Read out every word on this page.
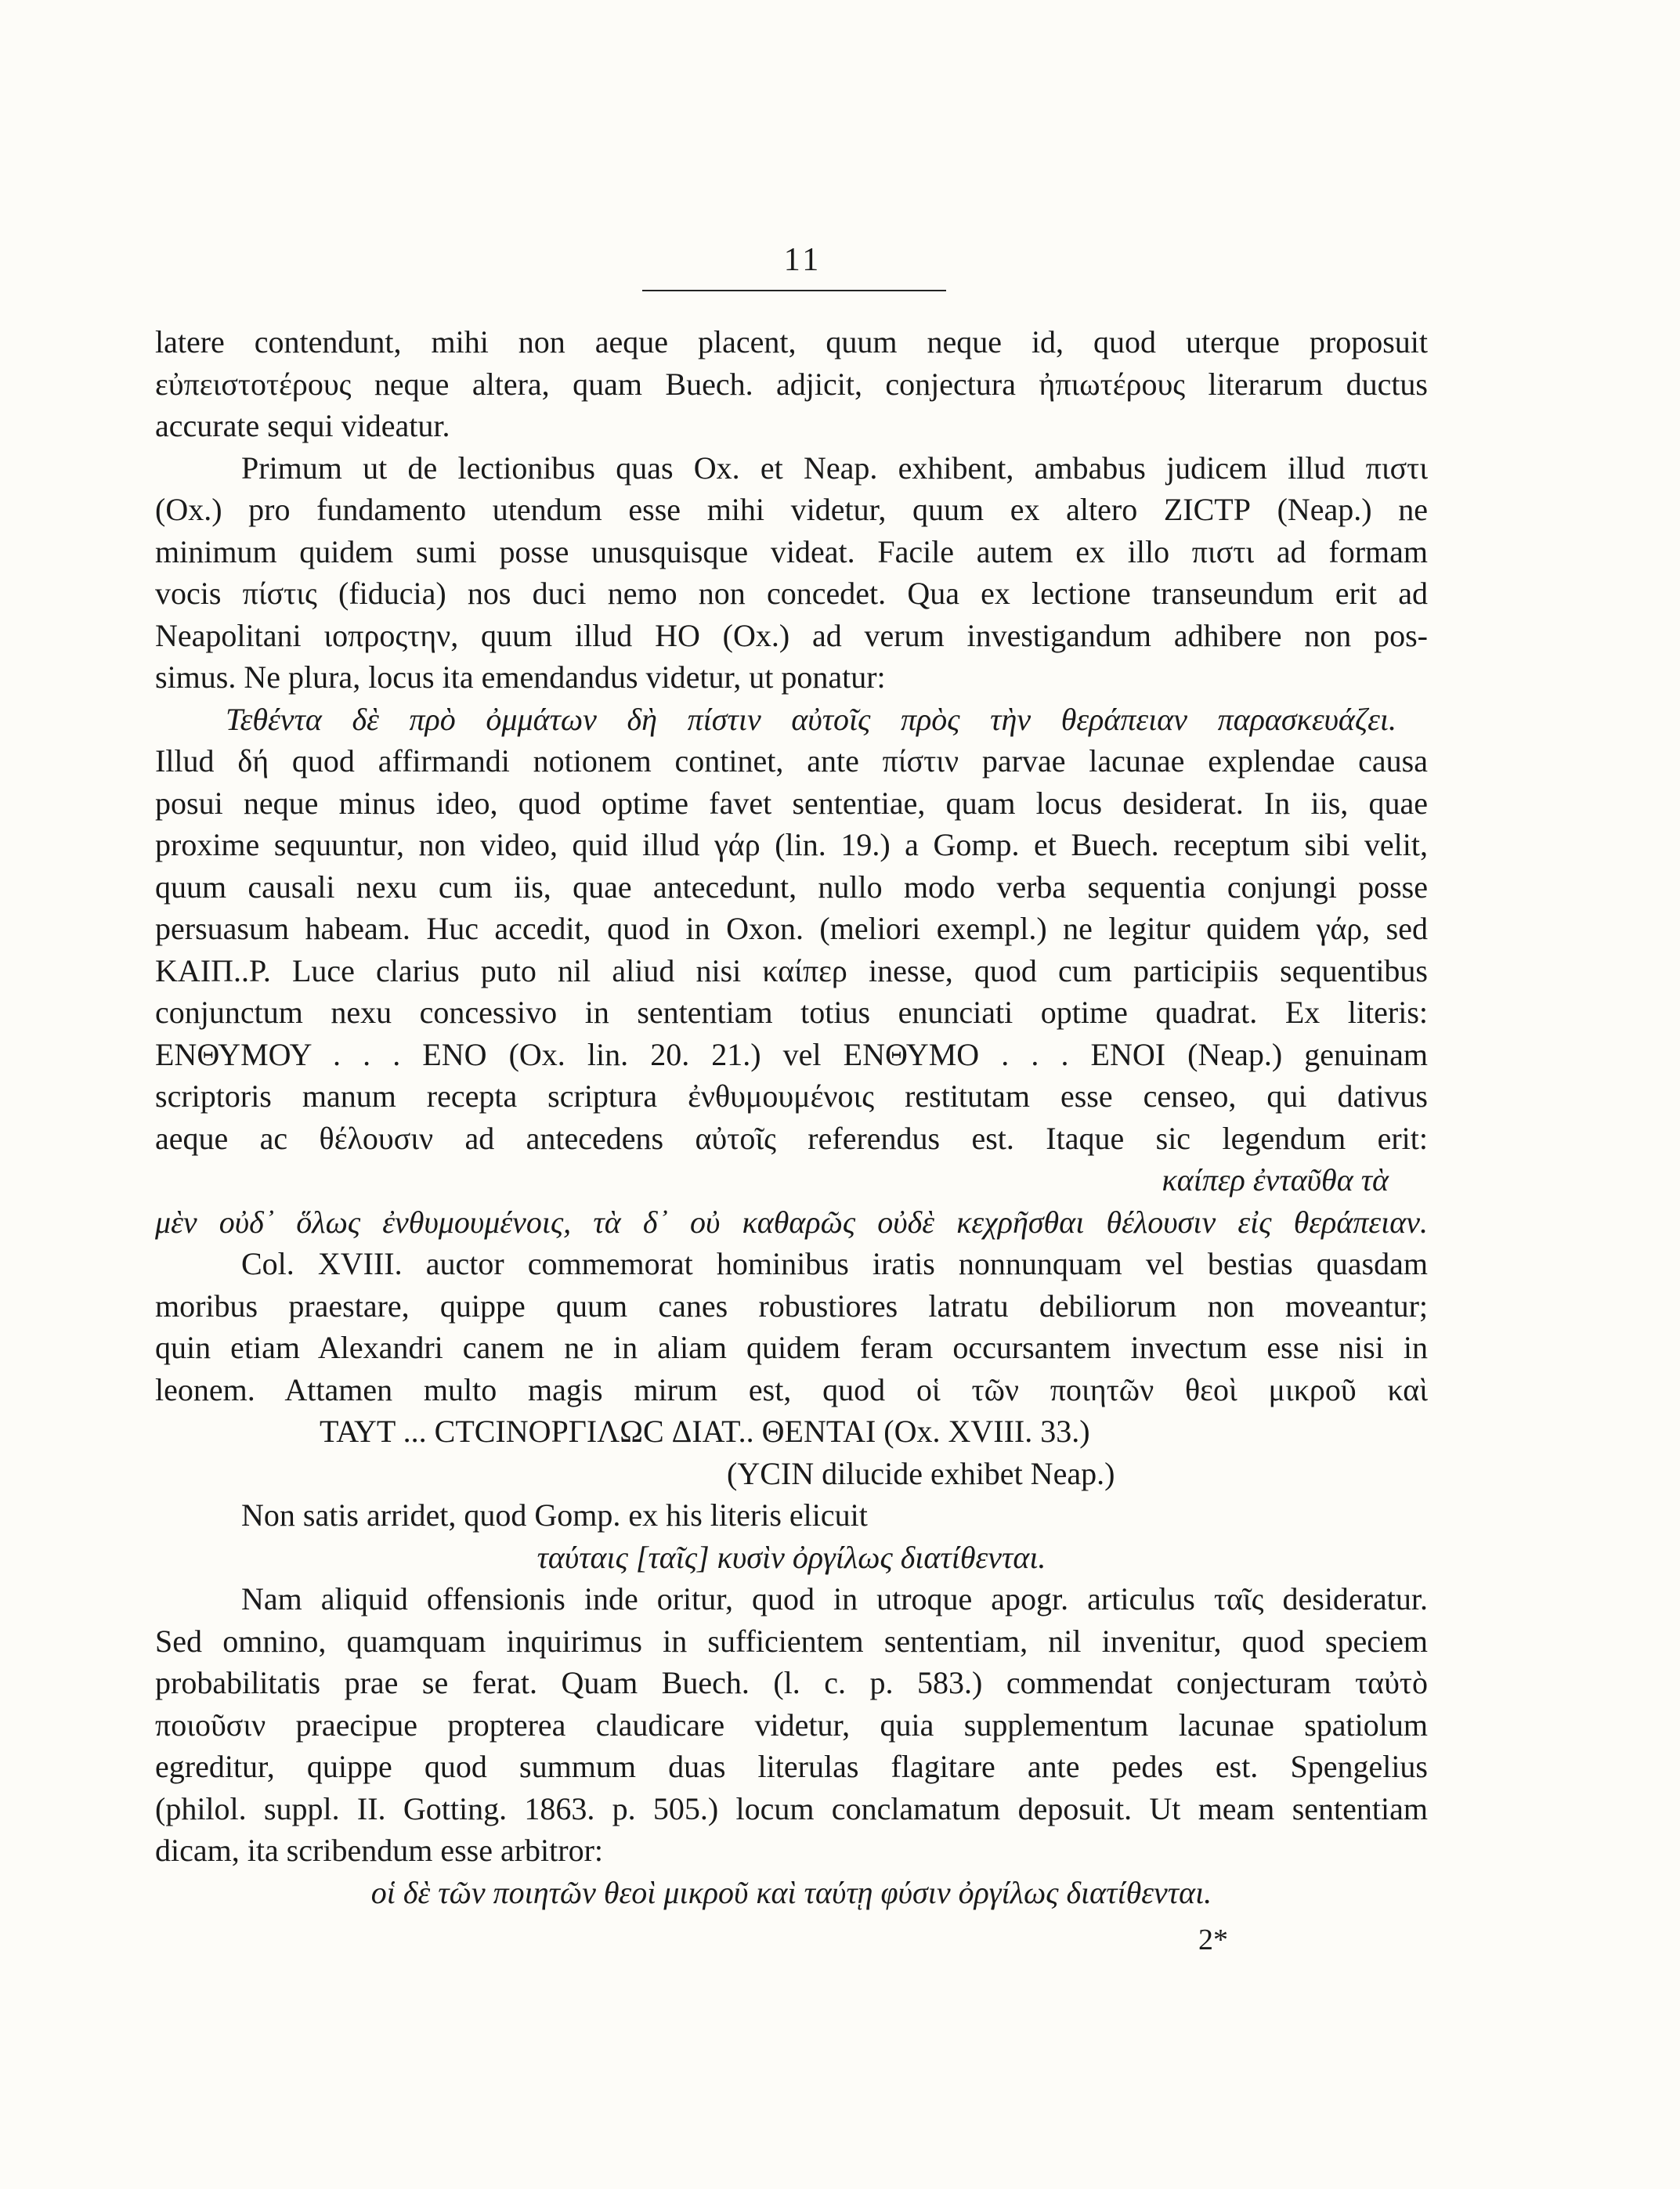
11
latere contendunt, mihi non aeque placent, quum neque id, quod uterque proposuit
εὐπειστοτέρους neque altera, quam Buech. adjicit, conjectura ἠπιωτέρους literarum ductus
accurate sequi videatur.
Primum ut de lectionibus quas Ox. et Neap. exhibent, ambabus judicem illud πιστι
(Ox.) pro fundamento utendum esse mihi videtur, quum ex altero ΖΙCΤΡ (Neap.) ne
minimum quidem sumi posse unusquisque videat. Facile autem ex illo πιστι ad formam
vocis πίστις (fiducia) nos duci nemo non concedet. Qua ex lectione transeundum erit ad
Neapolitani ιοπροςτην, quum illud ΗΟ (Ox.) ad verum investigandum adhibere non pos-
simus. Ne plura, locus ita emendandus videtur, ut ponatur:
Τεθέντα δὲ πρὸ ὀμμάτων δὴ πίστιν αὐτοῖς πρὸς τὴν θεράπειαν παρασκευάζει.
Illud δή quod affirmandi notionem continet, ante πίστιν parvae lacunae explendae causa
posui neque minus ideo, quod optime favet sententiae, quam locus desiderat. In iis, quae
proxime sequuntur, non video, quid illud γάρ (lin. 19.) a Gomp. et Buech. receptum sibi velit,
quum causali nexu cum iis, quae antecedunt, nullo modo verba sequentia conjungi posse
persuasum habeam. Huc accedit, quod in Oxon. (meliori exempl.) ne legitur quidem γάρ, sed
ΚΑΙΠ..Ρ. Luce clarius puto nil aliud nisi καίπερ inesse, quod cum participiis sequentibus
conjunctum nexu concessivo in sententiam totius enunciati optime quadrat. Ex literis:
ΕΝΘΥΜΟΥ . . . ΕΝΟ (Ox. lin. 20. 21.) vel ΕΝΘΥΜΟ . . . ΕΝΟΙ (Neap.) genuinam
scriptoris manum recepta scriptura ἐνθυμουμένοις restitutam esse censeo, qui dativus
aeque ac θέλουσιν ad antecedens αὐτοῖς referendus est. Itaque sic legendum erit:
καίπερ ἐνταῦθα τὰ
μὲν οὐδ᾽ ὅλως ἐνθυμουμένοις, τὰ δ᾽ οὐ καθαρῶς οὐδὲ κεχρῆσθαι θέλουσιν εἰς θεράπειαν.
Col. XVIII. auctor commemorat hominibus iratis nonnunquam vel bestias quasdam
moribus praestare, quippe quum canes robustiores latratu debiliorum non moveantur;
quin etiam Alexandri canem ne in aliam quidem feram occursantem invectum esse nisi in
leonem. Attamen multo magis mirum est, quod οἱ τῶν ποιητῶν θεοὶ μικροῦ καὶ
ΤΑΥΤ ... CΤCΙΝΟΡΓΙΛΩC ΔΙΑΤ.. ΘΕΝΤΑΙ (Ox. XVIII. 33.)
(ΥCΙΝ dilucide exhibet Neap.)
Non satis arridet, quod Gomp. ex his literis elicuit
ταύταις [ταῖς] κυσὶν ὀργίλως διατίθενται.
Nam aliquid offensionis inde oritur, quod in utroque apogr. articulus ταῖς desideratur.
Sed omnino, quamquam inquirimus in sufficientem sententiam, nil invenitur, quod speciem
probabilitatis prae se ferat. Quam Buech. (l. c. p. 583.) commendat conjecturam ταὐτὸ
ποιοῦσιν praecipue propterea claudicare videtur, quia supplementum lacunae spatiolum
egreditur, quippe quod summum duas literulas flagitare ante pedes est. Spengelius
(philol. suppl. II. Gotting. 1863. p. 505.) locum conclamatum deposuit. Ut meam sententiam
dicam, ita scribendum esse arbitror:
οἱ δὲ τῶν ποιητῶν θεοὶ μικροῦ καὶ ταύτῃ φύσιν ὀργίλως διατίθενται.
2*
